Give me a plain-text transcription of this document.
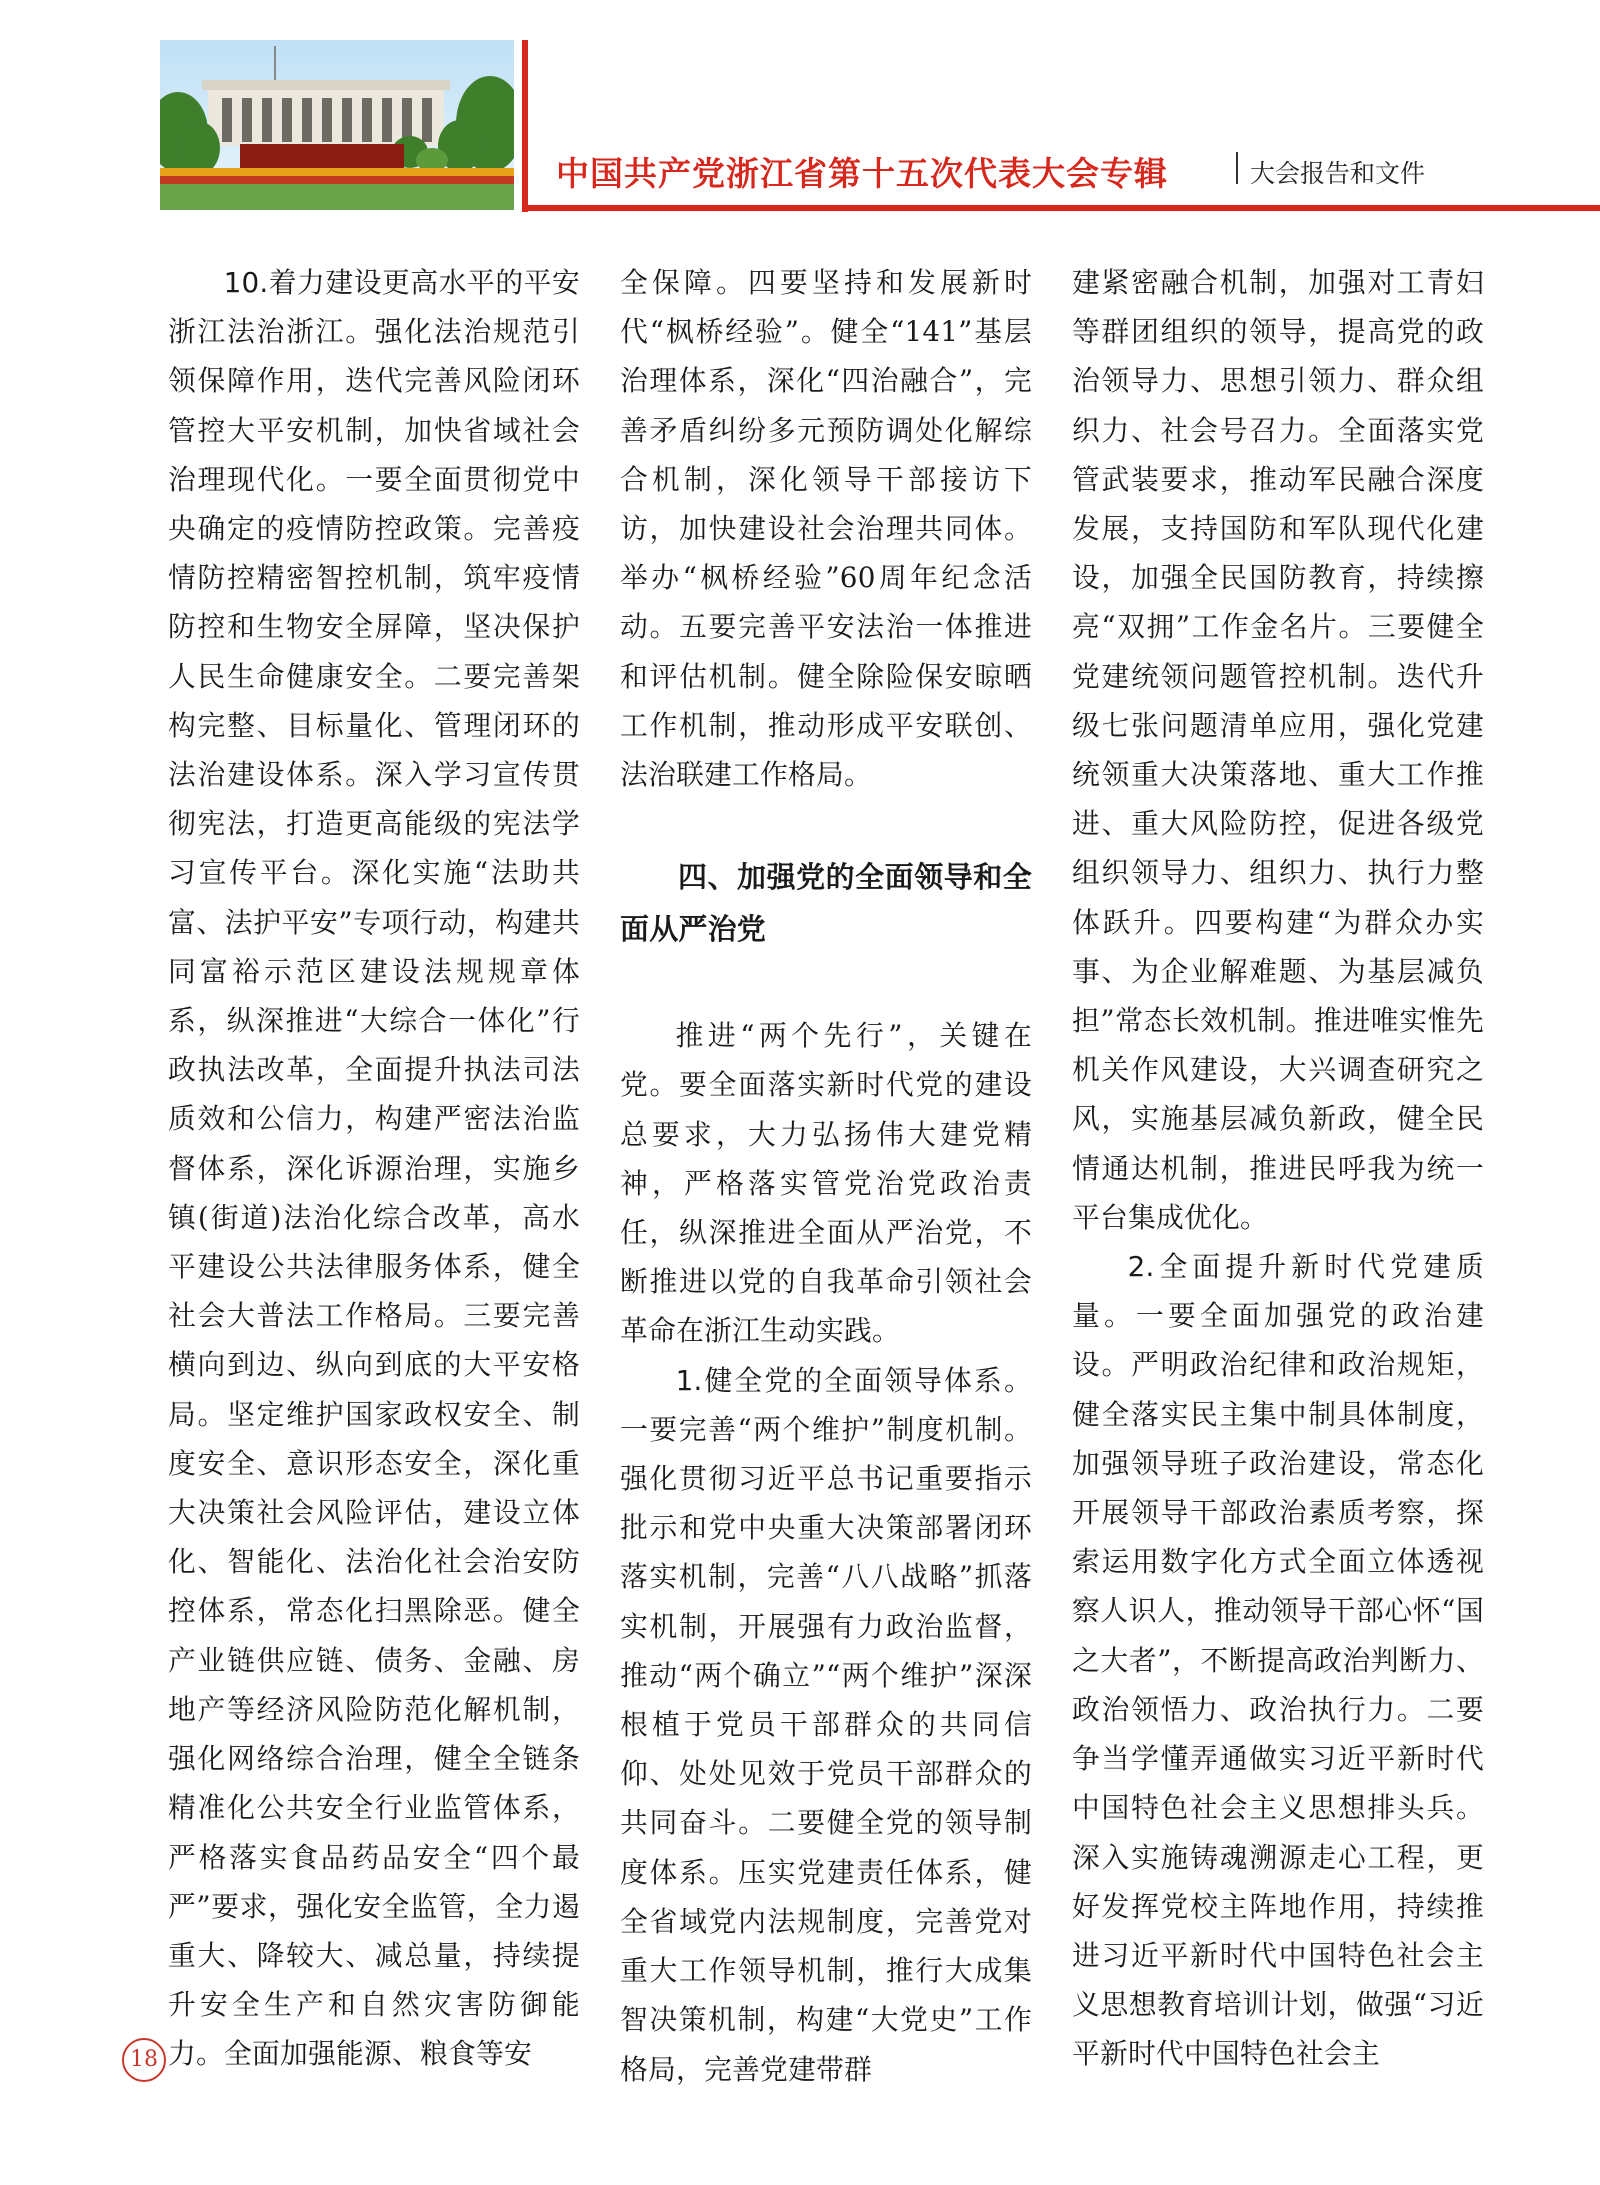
中国共产党浙江省第十五次代表大会专辑	大会报告和文件

10.着力建设更高水平的平安浙江法治浙江。强化法治规范引领保障作用，迭代完善风险闭环管控大平安机制，加快省域社会治理现代化。一要全面贯彻党中央确定的疫情防控政策。完善疫情防控精密智控机制，筑牢疫情防控和生物安全屏障，坚决保护人民生命健康安全。二要完善架构完整、目标量化、管理闭环的法治建设体系。深入学习宣传贯彻宪法，打造更高能级的宪法学习宣传平台。深化实施“法助共富、法护平安”专项行动，构建共同富裕示范区建设法规规章体系，纵深推进“大综合一体化”行政执法改革，全面提升执法司法质效和公信力，构建严密法治监督体系，深化诉源治理，实施乡镇(街道)法治化综合改革，高水平建设公共法律服务体系，健全社会大普法工作格局。三要完善横向到边、纵向到底的大平安格局。坚定维护国家政权安全、制度安全、意识形态安全，深化重大决策社会风险评估，建设立体化、智能化、法治化社会治安防控体系，常态化扫黑除恶。健全产业链供应链、债务、金融、房地产等经济风险防范化解机制，强化网络综合治理，健全全链条精准化公共安全行业监管体系，严格落实食品药品安全“四个最严”要求，强化安全监管，全力遏重大、降较大、减总量，持续提升安全生产和自然灾害防御能力。全面加强能源、粮食等安

全保障。四要坚持和发展新时代“枫桥经验”。健全“141”基层治理体系，深化“四治融合”，完善矛盾纠纷多元预防调处化解综合机制，深化领导干部接访下访，加快建设社会治理共同体。举办“枫桥经验”60周年纪念活动。五要完善平安法治一体推进和评估机制。健全除险保安晾晒工作机制，推动形成平安联创、法治联建工作格局。

四、加强党的全面领导和全面从严治党

推进“两个先行”，关键在党。要全面落实新时代党的建设总要求，大力弘扬伟大建党精神，严格落实管党治党政治责任，纵深推进全面从严治党，不断推进以党的自我革命引领社会革命在浙江生动实践。

1.健全党的全面领导体系。一要完善“两个维护”制度机制。强化贯彻习近平总书记重要指示批示和党中央重大决策部署闭环落实机制，完善“八八战略”抓落实机制，开展强有力政治监督，推动“两个确立”“两个维护”深深根植于党员干部群众的共同信仰、处处见效于党员干部群众的共同奋斗。二要健全党的领导制度体系。压实党建责任体系，健全省域党内法规制度，完善党对重大工作领导机制，推行大成集智决策机制，构建“大党史”工作格局，完善党建带群

建紧密融合机制，加强对工青妇等群团组织的领导，提高党的政治领导力、思想引领力、群众组织力、社会号召力。全面落实党管武装要求，推动军民融合深度发展，支持国防和军队现代化建设，加强全民国防教育，持续擦亮“双拥”工作金名片。三要健全党建统领问题管控机制。迭代升级七张问题清单应用，强化党建统领重大决策落地、重大工作推进、重大风险防控，促进各级党组织领导力、组织力、执行力整体跃升。四要构建“为群众办实事、为企业解难题、为基层减负担”常态长效机制。推进唯实惟先机关作风建设，大兴调查研究之风，实施基层减负新政，健全民情通达机制，推进民呼我为统一平台集成优化。

2.全面提升新时代党建质量。一要全面加强党的政治建设。严明政治纪律和政治规矩，健全落实民主集中制具体制度，加强领导班子政治建设，常态化开展领导干部政治素质考察，探索运用数字化方式全面立体透视察人识人，推动领导干部心怀“国之大者”，不断提高政治判断力、政治领悟力、政治执行力。二要争当学懂弄通做实习近平新时代中国特色社会主义思想排头兵。深入实施铸魂溯源走心工程，更好发挥党校主阵地作用，持续推进习近平新时代中国特色社会主义思想教育培训计划，做强“习近平新时代中国特色社会主

18
